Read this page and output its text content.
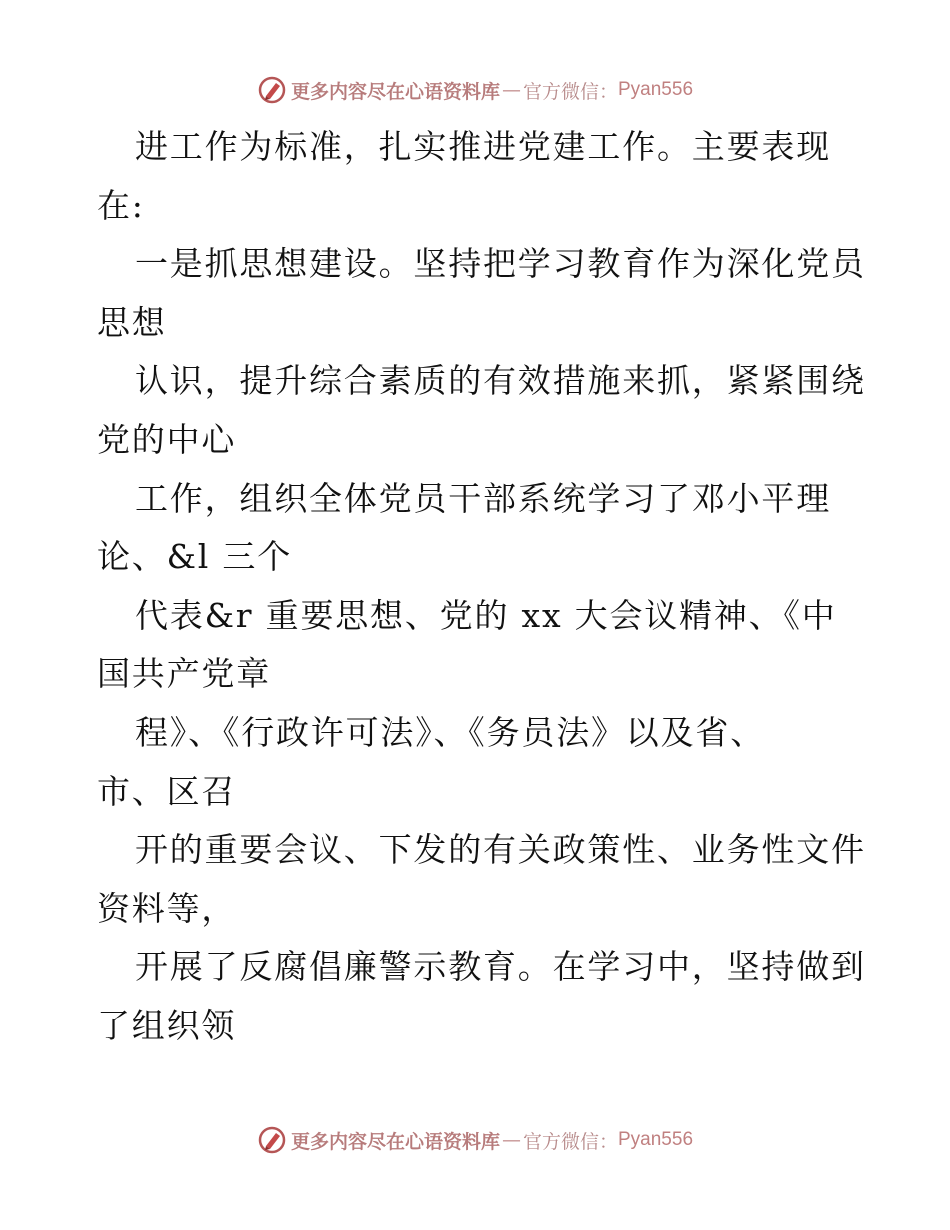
更多内容尽在心语资料库 — 官方微信： Pyan556
进工作为标准，扎实推进党建工作。主要表现
在:
一是抓思想建设。坚持把学习教育作为深化党员
思想
认识，提升综合素质的有效措施来抓，紧紧围绕
党的中心
工作，组织全体党员干部系统学习了邓小平理
论、&l 三个
代表&r 重要思想、党的 xx 大会议精神、《中
国共产党章
程》、《行政许可法》、《务员法》以及省、
市、区召
开的重要会议、下发的有关政策性、业务性文件
资料等，
开展了反腐倡廉警示教育。在学习中，坚持做到
了组织领
更多内容尽在心语资料库 — 官方微信： Pyan556
